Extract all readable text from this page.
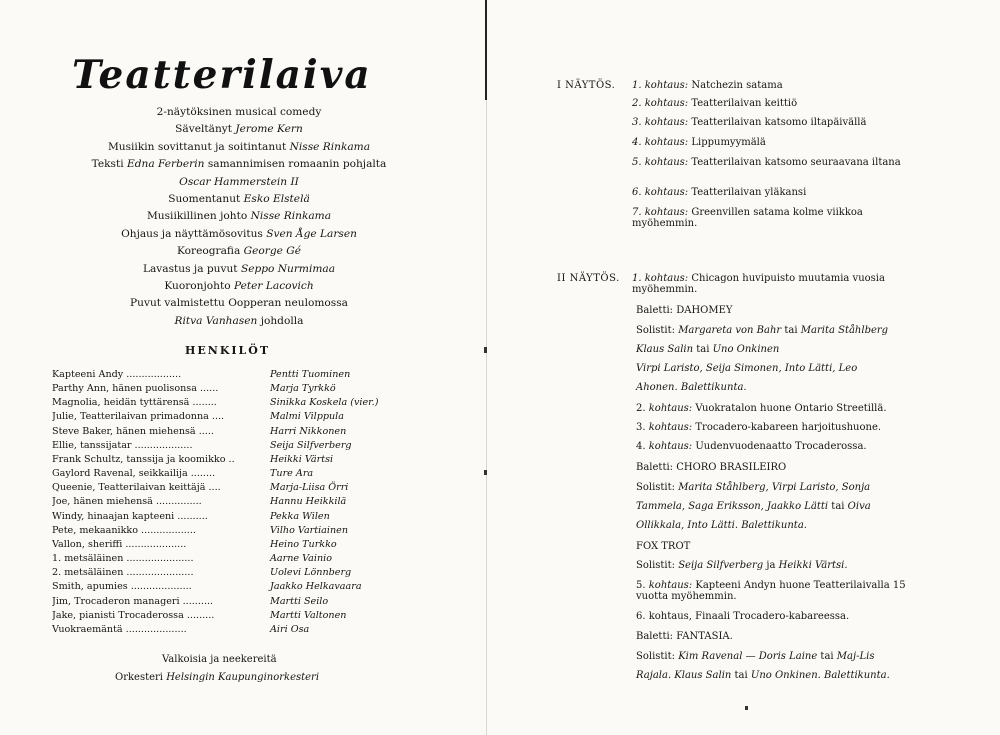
Teatterilaiva
2-näytöksinen musical comedy
Säveltänyt Jerome Kern
Musiikin sovittanut ja soitintanut Nisse Rinkama
Teksti Edna Ferberin samannimisen romaanin pohjalta
Oscar Hammerstein II
Suomentanut Esko Elstelä
Musiikillinen johto Nisse Rinkama
Ohjaus ja näyttämösovitus Sven Åge Larsen
Koreografia George Gé
Lavastus ja puvut Seppo Nurmimaa
Kuoronjohto Peter Lacovich
Puvut valmistettu Oopperan neulomossa
Ritva Vanhasen johdolla
HENKILÖT
Kapteeni Andy ..................	Pentti Tuominen
Parthy Ann, hänen puolisonsa ......	Marja Tyrkkö
Magnolia, heidän tyttärensä ........	Sinikka Koskela (vier.)
Julie, Teatterilaivan primadonna ....	Malmi Vilppula
Steve Baker, hänen miehensä .....	Harri Nikkonen
Ellie, tanssijatar ...................	Seija Silfverberg
Frank Schultz, tanssija ja koomikko ..	Heikki Värtsi
Gaylord Ravenal, seikkailija ........	Ture Ara
Queenie, Teatterilaivan keittäjä ....	Marja-Liisa Örri
Joe, hänen miehensä ...............	Hannu Heikkilä
Windy, hinaajan kapteeni ..........	Pekka Wilen
Pete, mekaanikko ..................	Vilho Vartiainen
Vallon, sheriffi ....................	Heino Turkko
1. metsäläinen ......................	Aarne Vainio
2. metsäläinen ......................	Uolevi Lönnberg
Smith, apumies ....................	Jaakko Helkavaara
Jim, Trocaderon manageri ..........	Martti Seilo
Jake, pianisti Trocaderossa .........	Martti Valtonen
Vuokraemäntä ....................	Airi Osa
Valkoisia ja neekereitä
Orkesteri Helsingin Kaupunginorkesteri
I NÄYTÖS. 1. kohtaus: Natchezin satama
2. kohtaus: Teatterilaivan keittiö
3. kohtaus: Teatterilaivan katsomo iltapäivällä
4. kohtaus: Lippumyymälä
5. kohtaus: Teatterilaivan katsomo seuraavana iltana
6. kohtaus: Teatterilaivan yläkansi
7. kohtaus: Greenvillen satama kolme viikkoa myöhemmin.
II NÄYTÖS. 1. kohtaus: Chicagon huvipuisto muutamia vuosia myöhemmin.
Baletti: DAHOMEY
Solistit: Margareta von Bahr tai Marita Ståhlberg
Klaus Salin tai Uno Onkinen
Virpi Laristo, Seija Simonen, Into Lätti, Leo
Ahonen. Balettikunta.
2. kohtaus: Vuokratalon huone Ontario Streetillä.
3. kohtaus: Trocadero-kabareen harjoitushuone.
4. kohtaus: Uudenvuodenaatto Trocaderossa.
Baletti: CHORO BRASILEIRO
Solistit: Marita Ståhlberg, Virpi Laristo, Sonja
Tammela, Saga Eriksson, Jaakko Lätti tai Oiva
Ollikkala, Into Lätti. Balettikunta.
FOX TROT
Solistit: Seija Silfverberg ja Heikki Värtsi.
5. kohtaus: Kapteeni Andyn huone Teatterilaivalla 15 vuotta myöhemmin.
6. kohtaus, Finaali Trocadero-kabareessa.
Baletti: FANTASIA.
Solistit: Kim Ravenal — Doris Laine tai Maj-Lis
Rajala. Klaus Salin tai Uno Onkinen. Balettikunta.
